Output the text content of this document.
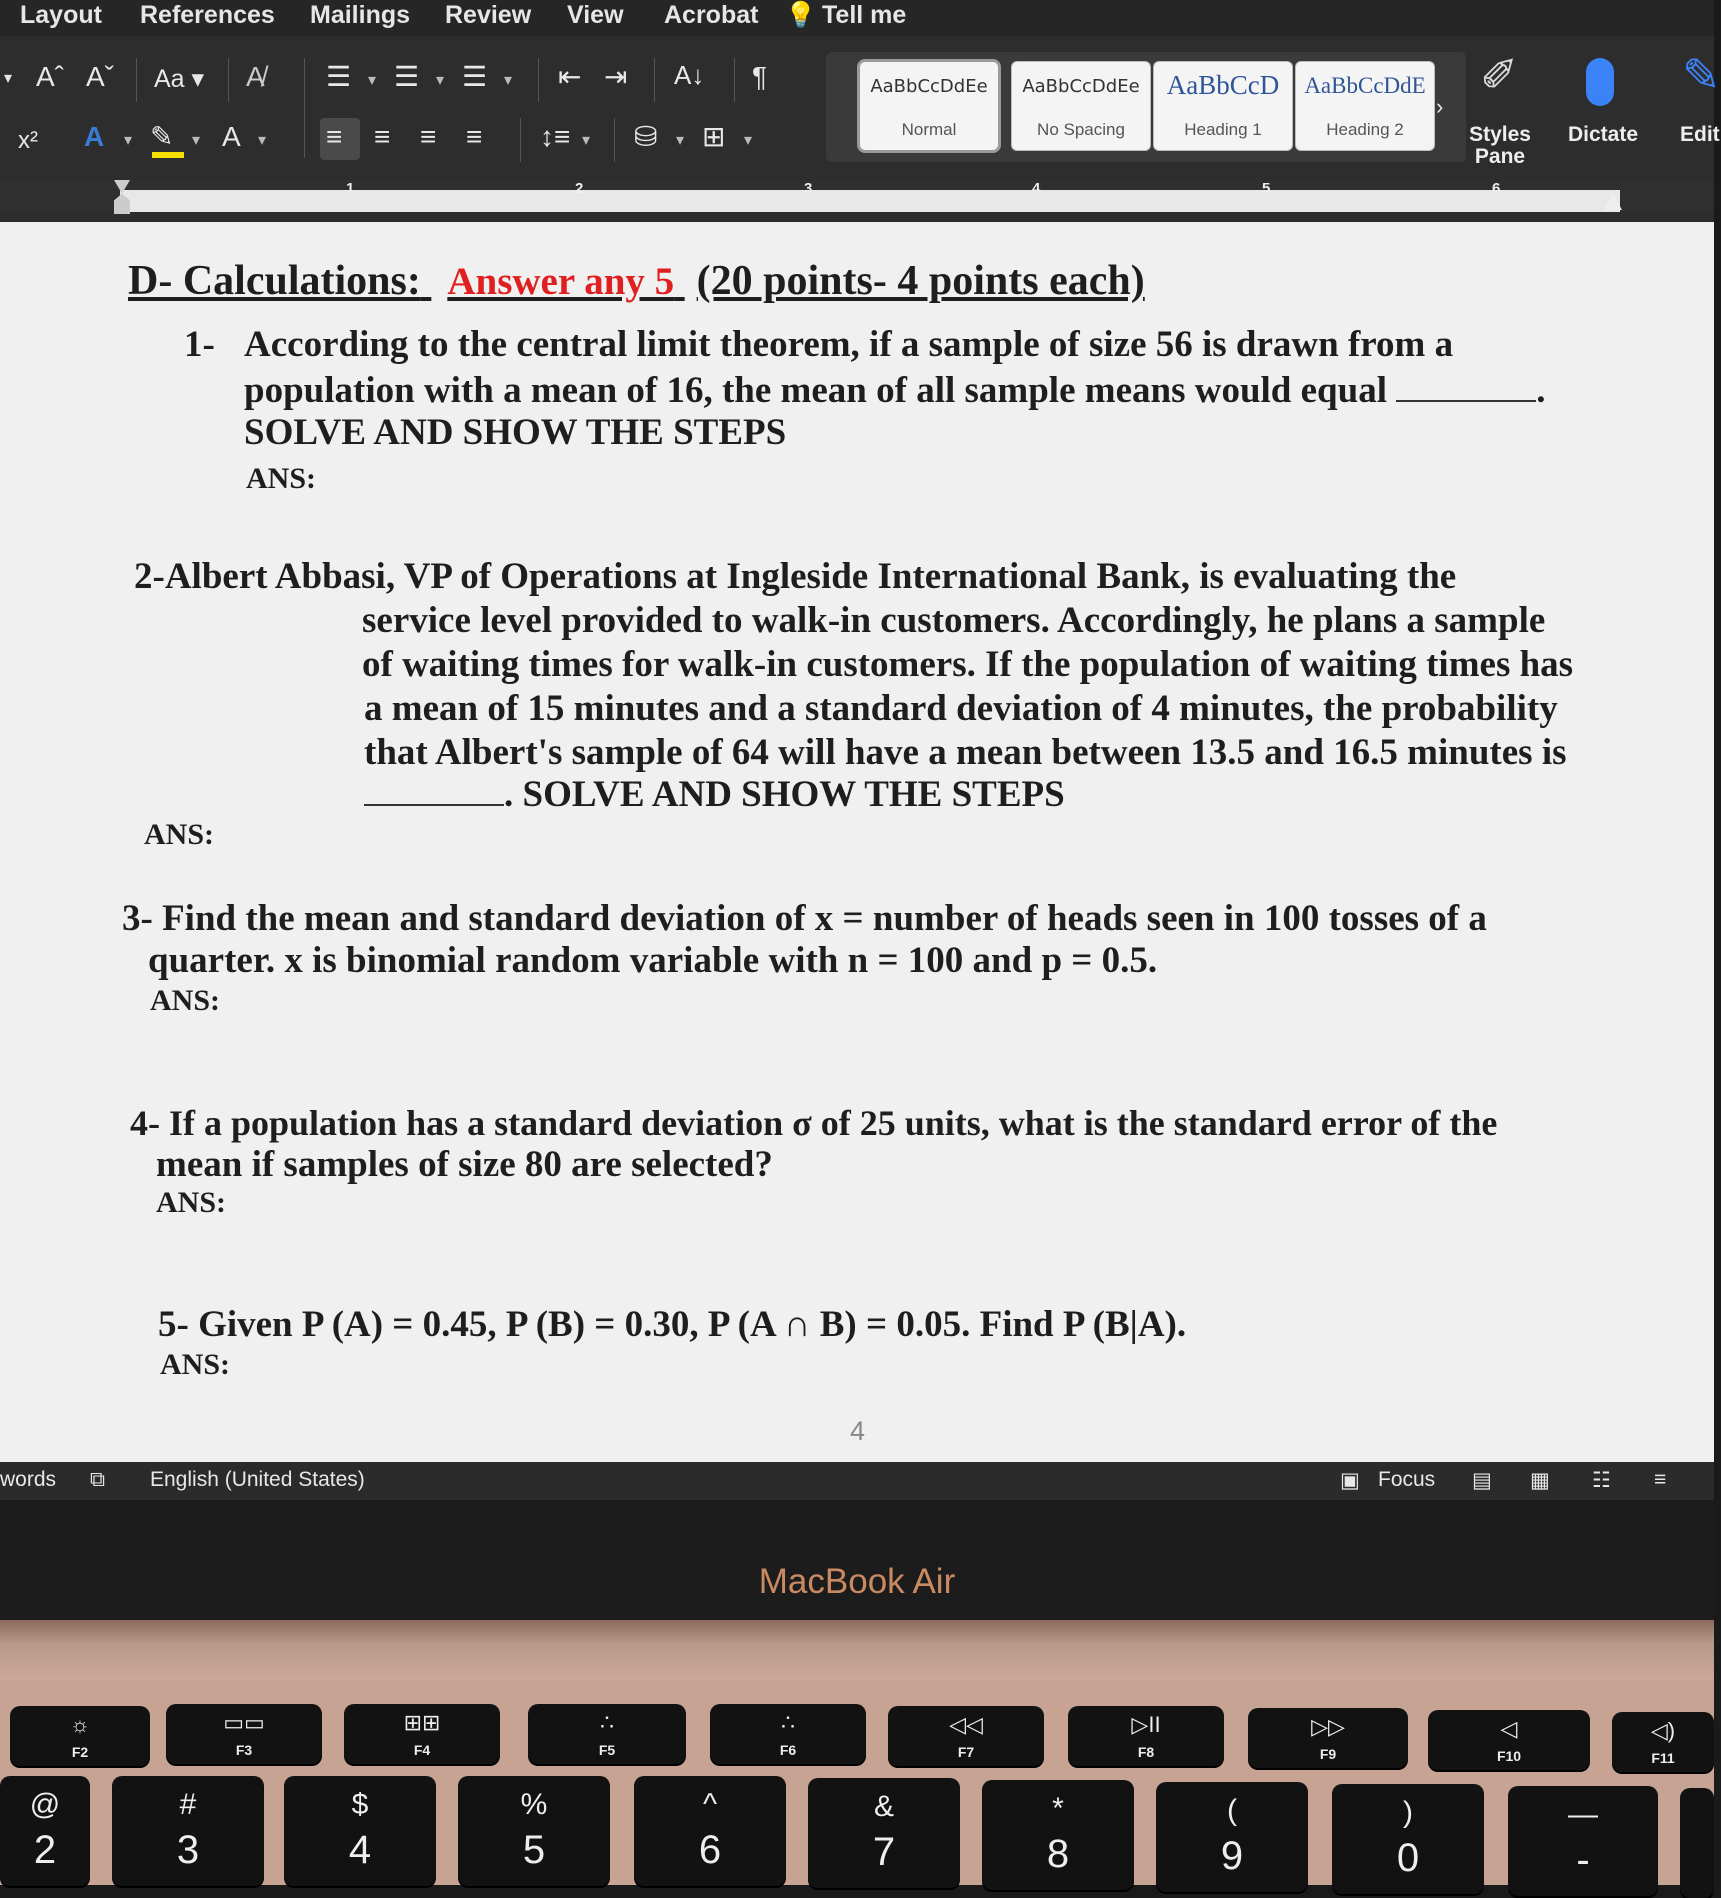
Layout References Mailings Review View Acrobat 💡 Tell me
▾ Aˆ Aˇ Aa ▾ A̸
x² A ▾ ✎ ▾ A ▾
☰ ▾ ☰ ▾ ☰ ▾ ⇤ ⇥ A↓ ¶
≡ ≡ ≡ ≡ ↕≡ ▾ ⛁ ▾ ⊞ ▾
AaBbCcDdEe
Normal
AaBbCcDdEe
No Spacing
AaBbCcD
Heading 1
AaBbCcDdE
Heading 2
›
✐
Styles Pane
Dictate
✎
Edit
1	2	3	4	5	6
D- Calculations: Answer any 5 (20 points- 4 points each)
1- According to the central limit theorem, if a sample of size 56 is drawn from a
population with a mean of 16, the mean of all sample means would equal	.
SOLVE AND SHOW THE STEPS
ANS:
2-Albert Abbasi, VP of Operations at Ingleside International Bank, is evaluating the
service level provided to walk-in customers. Accordingly, he plans a sample
of waiting times for walk-in customers. If the population of waiting times has
a mean of 15 minutes and a standard deviation of 4 minutes, the probability
that Albert's sample of 64 will have a mean between 13.5 and 16.5 minutes is
. SOLVE AND SHOW THE STEPS
ANS:
3- Find the mean and standard deviation of x = number of heads seen in 100 tosses of a
quarter. x is binomial random variable with n = 100 and p = 0.5.
ANS:
4- If a population has a standard deviation σ of 25 units, what is the standard error of the
mean if samples of size 80 are selected?
ANS:
5- Given P (A) = 0.45, P (B) = 0.30, P (A ∩ B) = 0.05. Find P (B|A).
ANS:
4
words ⧉ English (United States)	▣ Focus ▤ ▦ ☷ ≡
MacBook Air
☼
F2
▭▭
F3
⊞⊞
F4
∴
F5
∴
F6
◁◁
F7
▷II
F8
▷▷
F9
◁
F10
◁)
F11
@
2
#
3
$
4
%
5
^
6
&
7
*
8
(
9
)
0
—
-
